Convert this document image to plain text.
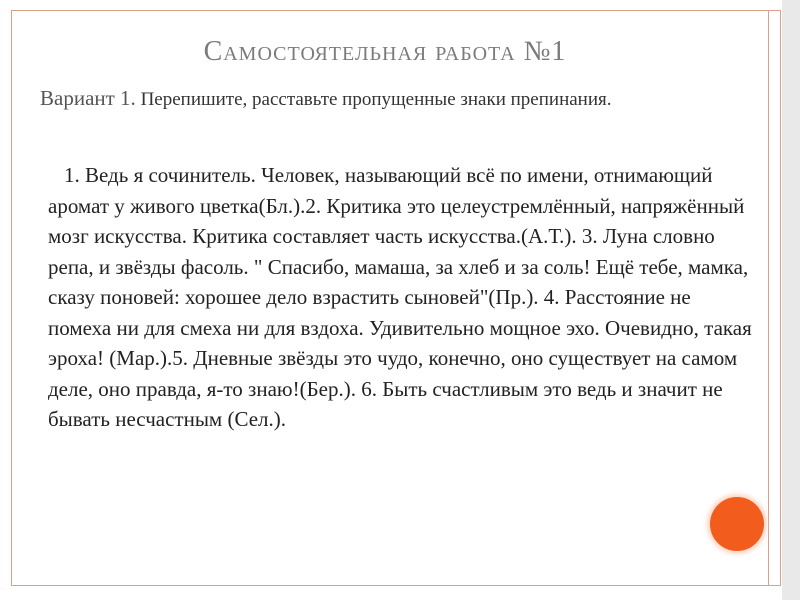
Самостоятельная работа №1
Вариант 1. Перепишите, расставьте пропущенные знаки препинания.
1. Ведь я сочинитель. Человек, называющий всё по имени, отнимающий аромат у живого цветка(Бл.).2. Критика это целеустремлённый, напряжённый мозг искусства. Критика составляет часть искусства.(А.Т.). 3. Луна словно репа, и звёзды фасоль. " Спасибо, мамаша, за хлеб и за соль! Ещё тебе, мамка, сказу поновей: хорошее дело взрастить сыновей"(Пр.). 4. Расстояние не помеха ни для смеха ни для вздоха. Удивительно мощное эхо. Очевидно, такая эроха! (Мар.).5. Дневные звёзды это чудо, конечно, оно существует на самом деле, оно правда, я-то знаю!(Бер.). 6. Быть счастливым это ведь и значит не бывать несчастным (Сел.).
